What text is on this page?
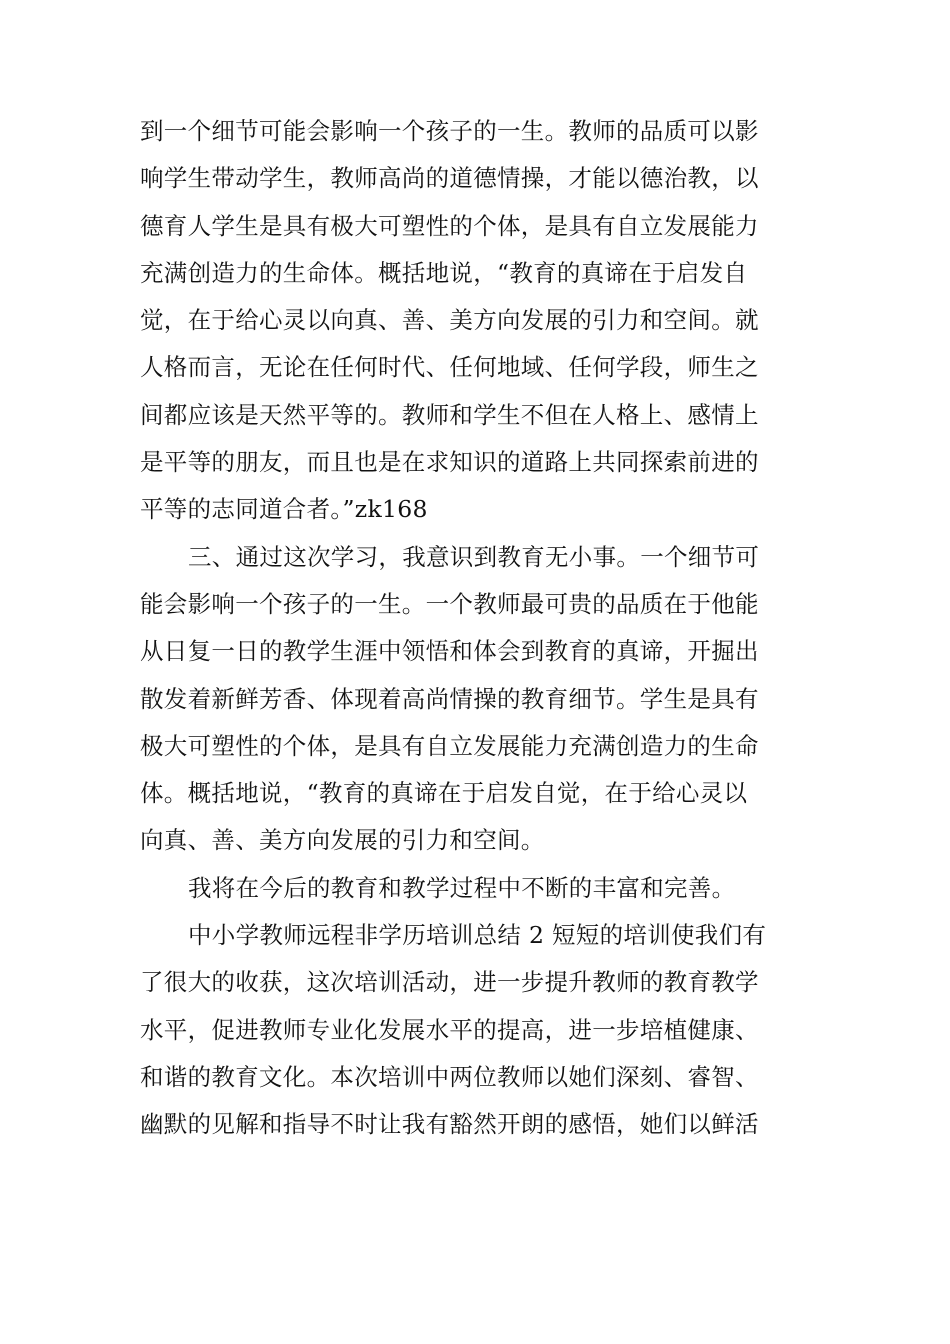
到一个细节可能会影响一个孩子的一生。教师的品质可以影
响学生带动学生，教师高尚的道德情操，才能以德治教，以
德育人学生是具有极大可塑性的个体，是具有自立发展能力
充满创造力的生命体。概括地说，“教育的真谛在于启发自
觉，在于给心灵以向真、善、美方向发展的引力和空间。就
人格而言，无论在任何时代、任何地域、任何学段，师生之
间都应该是天然平等的。教师和学生不但在人格上、感情上
是平等的朋友，而且也是在求知识的道路上共同探索前进的
平等的志同道合者。”zk168
三、通过这次学习，我意识到教育无小事。一个细节可
能会影响一个孩子的一生。一个教师最可贵的品质在于他能
从日复一日的教学生涯中领悟和体会到教育的真谛，开掘出
散发着新鲜芳香、体现着高尚情操的教育细节。学生是具有
极大可塑性的个体，是具有自立发展能力充满创造力的生命
体。概括地说，“教育的真谛在于启发自觉，在于给心灵以
向真、善、美方向发展的引力和空间。
我将在今后的教育和教学过程中不断的丰富和完善。
中小学教师远程非学历培训总结 2 短短的培训使我们有
了很大的收获，这次培训活动，进一步提升教师的教育教学
水平，促进教师专业化发展水平的提高，进一步培植健康、
和谐的教育文化。本次培训中两位教师以她们深刻、睿智、
幽默的见解和指导不时让我有豁然开朗的感悟，她们以鲜活
